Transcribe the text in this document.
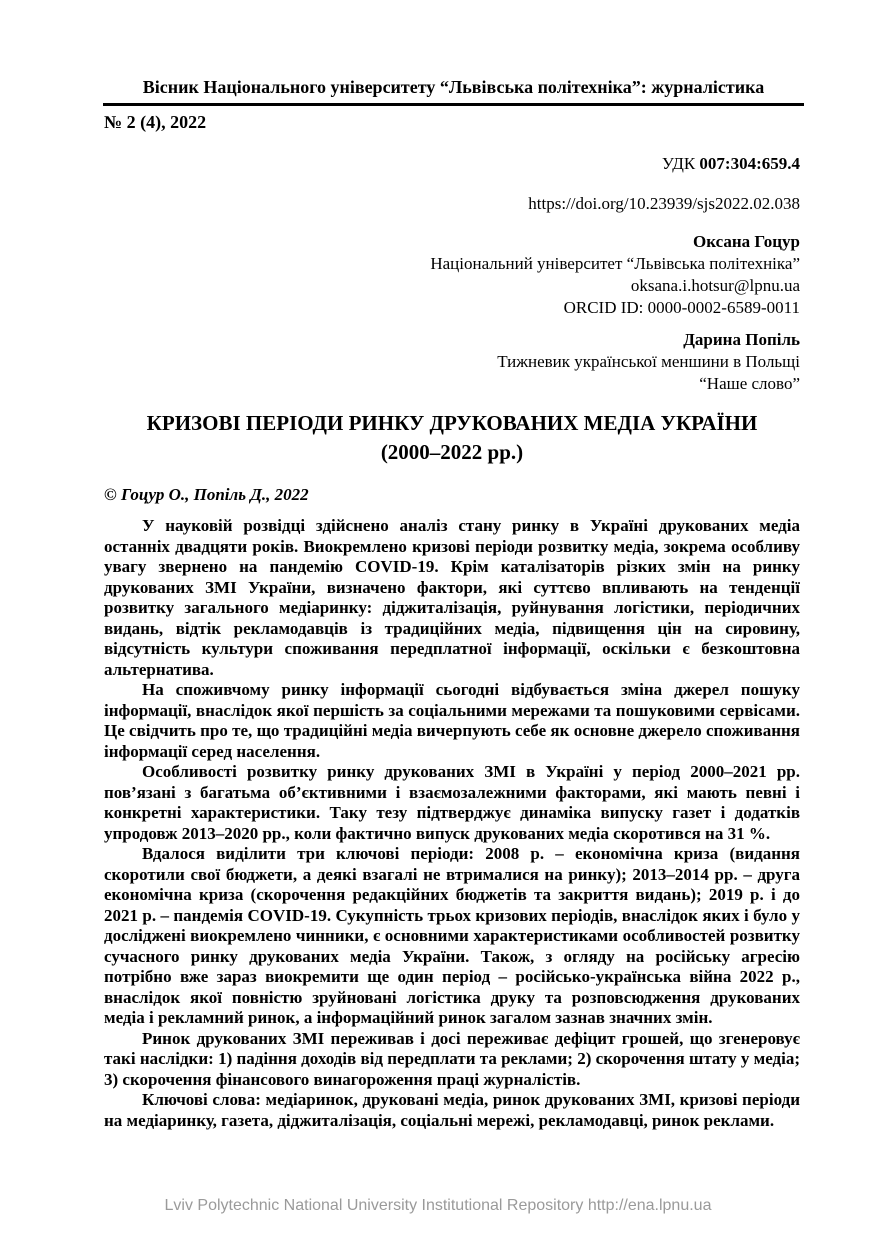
Вісник Національного університету “Львівська політехніка”: журналістика
№ 2 (4), 2022
УДК 007:304:659.4
https://doi.org/10.23939/sjs2022.02.038
Оксана Гоцур
Національний університет “Львівська політехніка”
oksana.i.hotsur@lpnu.ua
ORCID ID: 0000-0002-6589-0011
Дарина Попіль
Тижневик української меншини в Польщі
“Наше слово”
КРИЗОВІ ПЕРІОДИ РИНКУ ДРУКОВАНИХ МЕДІА УКРАЇНИ
(2000–2022 рр.)
© Гоцур О., Попіль Д., 2022

У науковій розвідці здійснено аналіз стану ринку в Україні друкованих медіа останніх двадцяти років. Виокремлено кризові періоди розвитку медіа, зокрема особливу увагу звернено на пандемію COVID-19. Крім каталізаторів різких змін на ринку друкованих ЗМІ України, визначено фактори, які суттєво впливають на тенденції розвитку загального медіаринку: діджиталізація, руйнування логістики, періодичних видань, відтік рекламодавців із традиційних медіа, підвищення цін на сировину, відсутність культури споживання передплатної інформації, оскільки є безкоштовна альтернатива.

На споживчому ринку інформації сьогодні відбувається зміна джерел пошуку інформації, внаслідок якої першість за соціальними мережами та пошуковими сервісами. Це свідчить про те, що традиційні медіа вичерпують себе як основне джерело споживання інформації серед населення.

Особливості розвитку ринку друкованих ЗМІ в Україні у період 2000–2021 рр. пов’язані з багатьма об’єктивними і взаємозалежними факторами, які мають певні і конкретні характеристики. Таку тезу підтверджує динаміка випуску газет і додатків упродовж 2013–2020 рр., коли фактично випуск друкованих медіа скоротився на 31 %.

Вдалося виділити три ключові періоди: 2008 р. – економічна криза (видання скоротили свої бюджети, а деякі взагалі не втрималися на ринку); 2013–2014 рр. – друга економічна криза (скорочення редакційних бюджетів та закриття видань); 2019 р. і до 2021 р. – пандемія COVID-19. Сукупність трьох кризових періодів, внаслідок яких і було у досліджені виокремлено чинники, є основними характеристиками особливостей розвитку сучасного ринку друкованих медіа України. Також, з огляду на російську агресію потрібно вже зараз виокремити ще один період – російсько-українська війна 2022 р., внаслідок якої повністю зруйновані логістика друку та розповсюдження друкованих медіа і рекламний ринок, а інформаційний ринок загалом зазнав значних змін.

Ринок друкованих ЗМІ переживав і досі переживає дефіцит грошей, що згенеровує такі наслідки: 1) падіння доходів від передплати та реклами; 2) скорочення штату у медіа; 3) скорочення фінансового винагороження праці журналістів.

Ключові слова: медіаринок, друковані медіа, ринок друкованих ЗМІ, кризові періоди на медіаринку, газета, діджиталізація, соціальні мережі, рекламодавці, ринок реклами.

Lviv Polytechnic National University Institutional Repository http://ena.lpnu.ua
